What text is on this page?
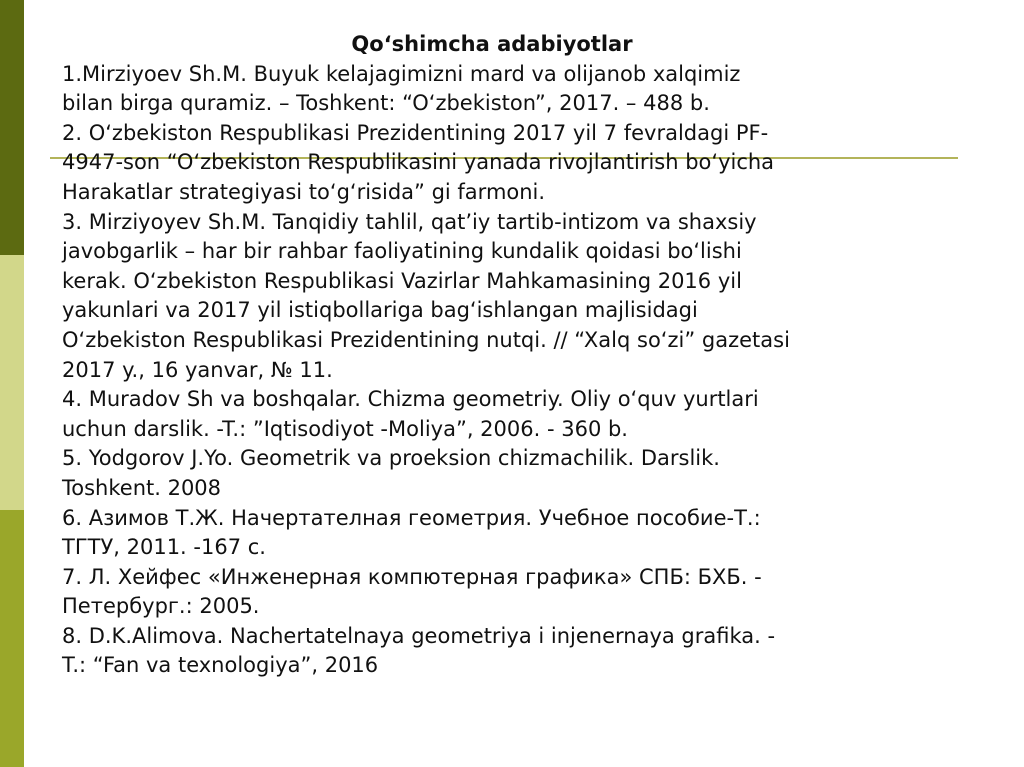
Qo‘shimcha adabiyotlar
1.Mirziyoev Sh.M. Buyuk kelajagimizni mard va olijanob xalqimiz
bilan birga quramiz. – Toshkent: “O‘zbekiston”, 2017. – 488 b.
2. O‘zbekiston Respublikasi Prezidentining 2017 yil 7 fevraldagi PF-
4947-son “O‘zbekiston Respublikasini yanada rivojlantirish bo‘yicha
Harakatlar strategiyasi to‘g‘risida” gi farmoni.
3. Mirziyoyev Sh.M. Tanqidiy tahlil, qat’iy tartib-intizom va shaxsiy
javobgarlik – har bir rahbar faoliyatining kundalik qoidasi bo‘lishi
kerak. O‘zbekiston Respublikasi Vazirlar Mahkamasining 2016 yil
yakunlari va 2017 yil istiqbollariga bag‘ishlangan majlisidagi
O‘zbekiston Respublikasi Prezidentining nutqi. // “Xalq so‘zi” gazetasi
2017 y., 16 yanvar, № 11.
4. Muradov Sh va boshqalar. Chizma geometriy. Oliy o‘quv yurtlari
uchun darslik. -T.: ”Iqtisodiyot -Moliya”, 2006. - 360 b.
5. Yodgorov J.Yo. Geometrik va proeksion chizmachilik. Darslik.
Toshkent. 2008
6. Азимов Т.Ж. Начертателная геометрия. Учебное пособие-Т.:
ТГТУ, 2011. -167 с.
7. Л. Хейфес «Инженерная компютерная графика» СПБ: БХБ. -
Петербург.: 2005.
8. D.K.Alimova. Nachertatelnaya geometriya i injenernaya grafika. -
T.: “Fan va texnologiya”, 2016
